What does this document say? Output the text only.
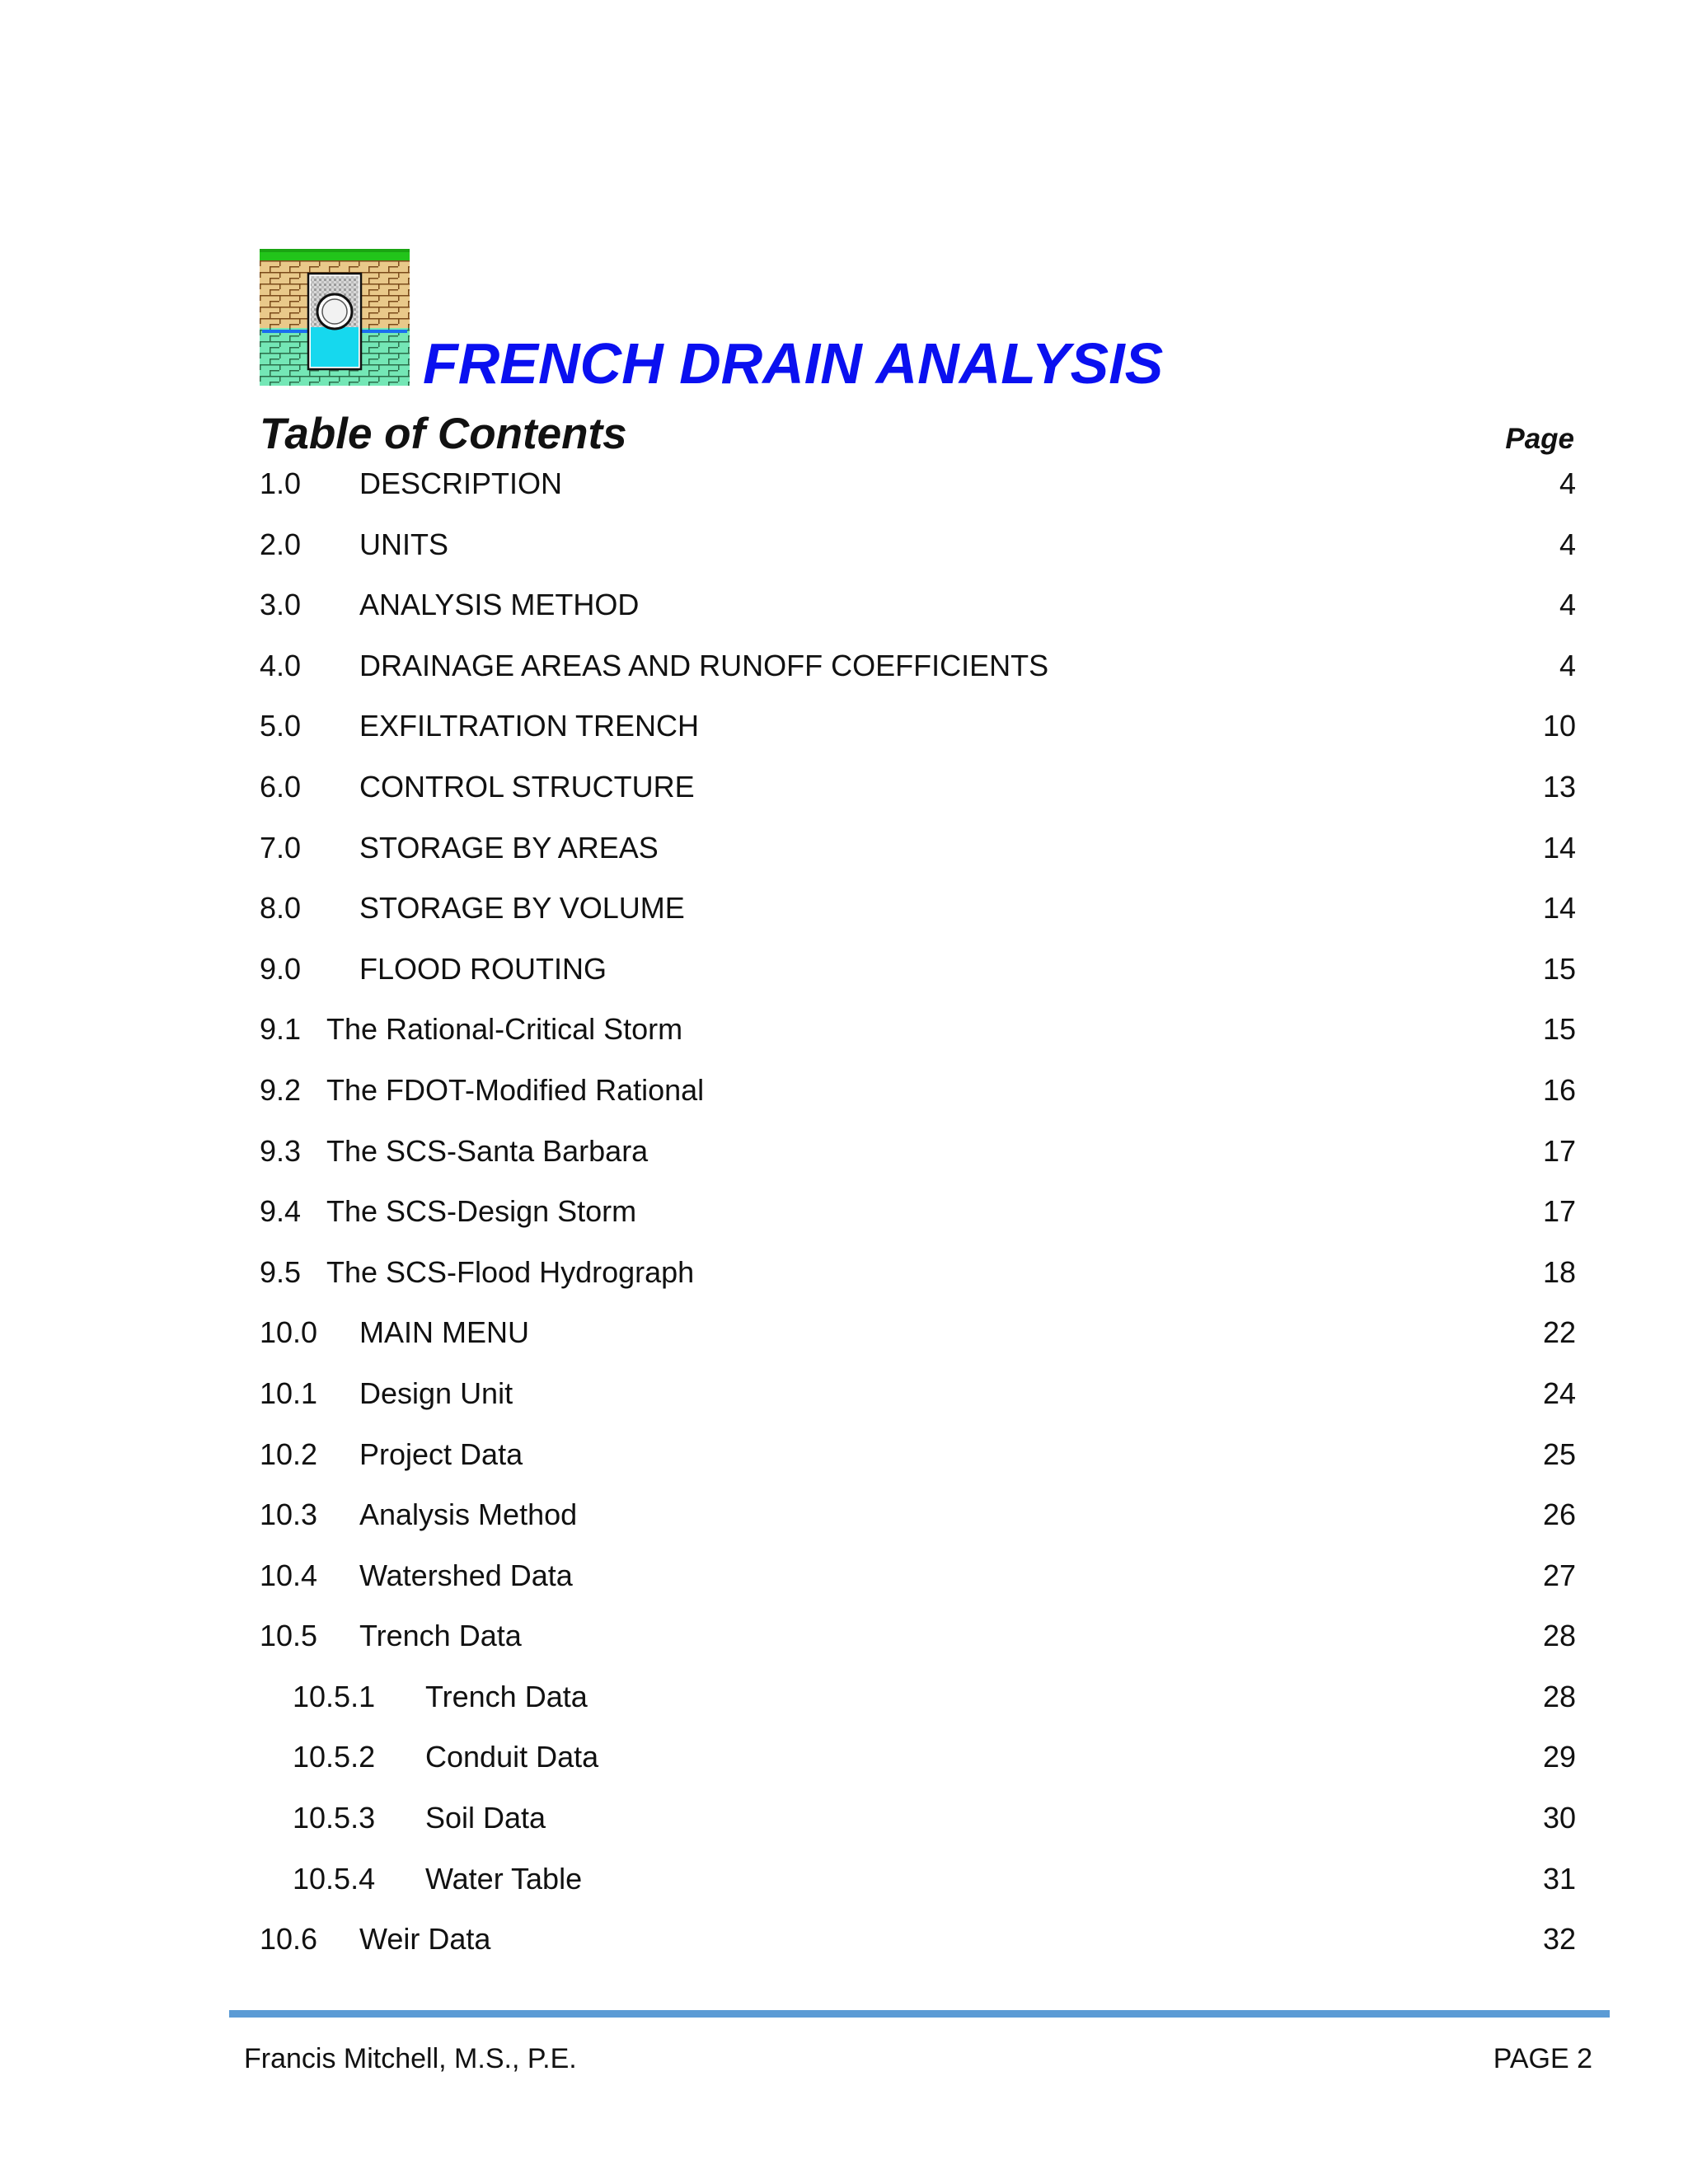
FRENCH DRAIN ANALYSIS
Table of Contents	Page
1.0 DESCRIPTION	4
2.0 UNITS	4
3.0 ANALYSIS METHOD	4
4.0 DRAINAGE AREAS AND RUNOFF COEFFICIENTS	4
5.0 EXFILTRATION TRENCH	10
6.0 CONTROL STRUCTURE	13
7.0 STORAGE BY AREAS	14
8.0 STORAGE BY VOLUME	14
9.0 FLOOD ROUTING	15
9.1 The Rational-Critical Storm	15
9.2 The FDOT-Modified Rational	16
9.3 The SCS-Santa Barbara	17
9.4 The SCS-Design Storm	17
9.5 The SCS-Flood Hydrograph	18
10.0 MAIN MENU	22
10.1 Design Unit	24
10.2 Project Data	25
10.3 Analysis Method	26
10.4 Watershed Data	27
10.5 Trench Data	28
10.5.1 Trench Data	28
10.5.2 Conduit Data	29
10.5.3 Soil Data	30
10.5.4 Water Table	31
10.6 Weir Data	32
Francis Mitchell, M.S., P.E.	PAGE 2
